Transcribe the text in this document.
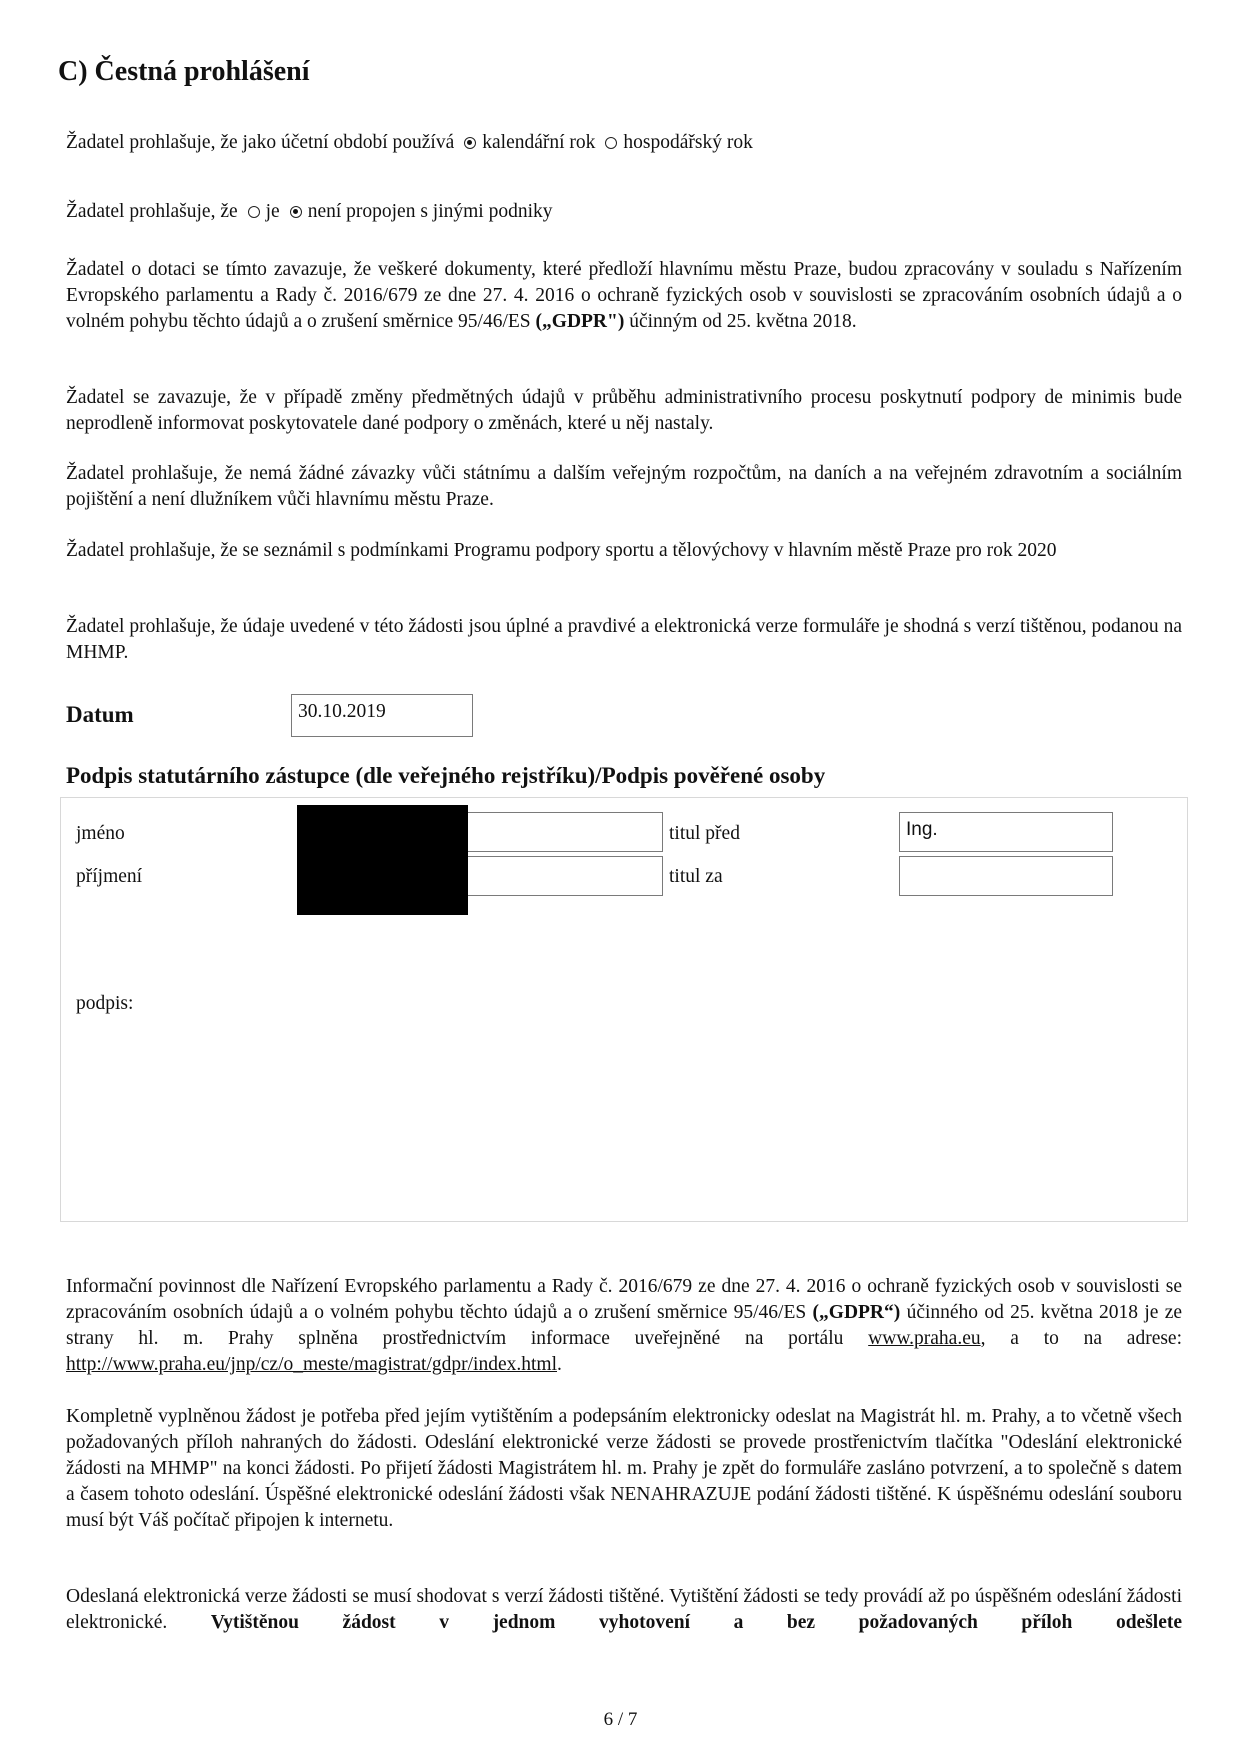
C) Čestná prohlášení
Žadatel prohlašuje, že jako účetní období používá kalendářní rok hospodářský rok
Žadatel prohlašuje, že je není propojen s jinými podniky
Žadatel o dotaci se tímto zavazuje, že veškeré dokumenty, které předloží hlavnímu městu Praze, budou zpracovány v souladu s Nařízením Evropského parlamentu a Rady č. 2016/679 ze dne 27. 4. 2016 o ochraně fyzických osob v souvislosti se zpracováním osobních údajů a o volném pohybu těchto údajů a o zrušení směrnice 95/46/ES („GDPR") účinným od 25. května 2018.
Žadatel se zavazuje, že v případě změny předmětných údajů v průběhu administrativního procesu poskytnutí podpory de minimis bude neprodleně informovat poskytovatele dané podpory o změnách, které u něj nastaly.
Žadatel prohlašuje, že nemá žádné závazky vůči státnímu a dalším veřejným rozpočtům, na daních a na veřejném zdravotním a sociálním pojištění a není dlužníkem vůči hlavnímu městu Praze.
Žadatel prohlašuje, že se seznámil s podmínkami Programu podpory sportu a tělovýchovy v hlavním městě Praze pro rok 2020
Žadatel prohlašuje, že údaje uvedené v této žádosti jsou úplné a pravdivé a elektronická verze formuláře je shodná s verzí tištěnou, podanou na MHMP.
Datum	30.10.2019
Podpis statutárního zástupce (dle veřejného rejstříku)/Podpis pověřené osoby
jméno
příjmení
titul před
titul za
Ing.
podpis:
Informační povinnost dle Nařízení Evropského parlamentu a Rady č. 2016/679 ze dne 27. 4. 2016 o ochraně fyzických osob v souvislosti se zpracováním osobních údajů a o volném pohybu těchto údajů a o zrušení směrnice 95/46/ES („GDPR“) účinného od 25. května 2018 je ze strany hl. m. Prahy splněna prostřednictvím informace uveřejněné na portálu www.praha.eu, a to na adrese: http://www.praha.eu/jnp/cz/o_meste/magistrat/gdpr/index.html.
Kompletně vyplněnou žádost je potřeba před jejím vytištěním a podepsáním elektronicky odeslat na Magistrát hl. m. Prahy, a to včetně všech požadovaných příloh nahraných do žádosti. Odeslání elektronické verze žádosti se provede prostřenictvím tlačítka "Odeslání elektronické žádosti na MHMP" na konci žádosti. Po přijetí žádosti Magistrátem hl. m. Prahy je zpět do formuláře zasláno potvrzení, a to společně s datem a časem tohoto odeslání. Úspěšné elektronické odeslání žádosti však NENAHRAZUJE podání žádosti tištěné. K úspěšnému odeslání souboru musí být Váš počítač připojen k internetu.
Odeslaná elektronická verze žádosti se musí shodovat s verzí žádosti tištěné. Vytištění žádosti se tedy provádí až po úspěšném odeslání žádosti elektronické. Vytištěnou žádost v jednom vyhotovení a bez požadovaných příloh odešlete
6 / 7
